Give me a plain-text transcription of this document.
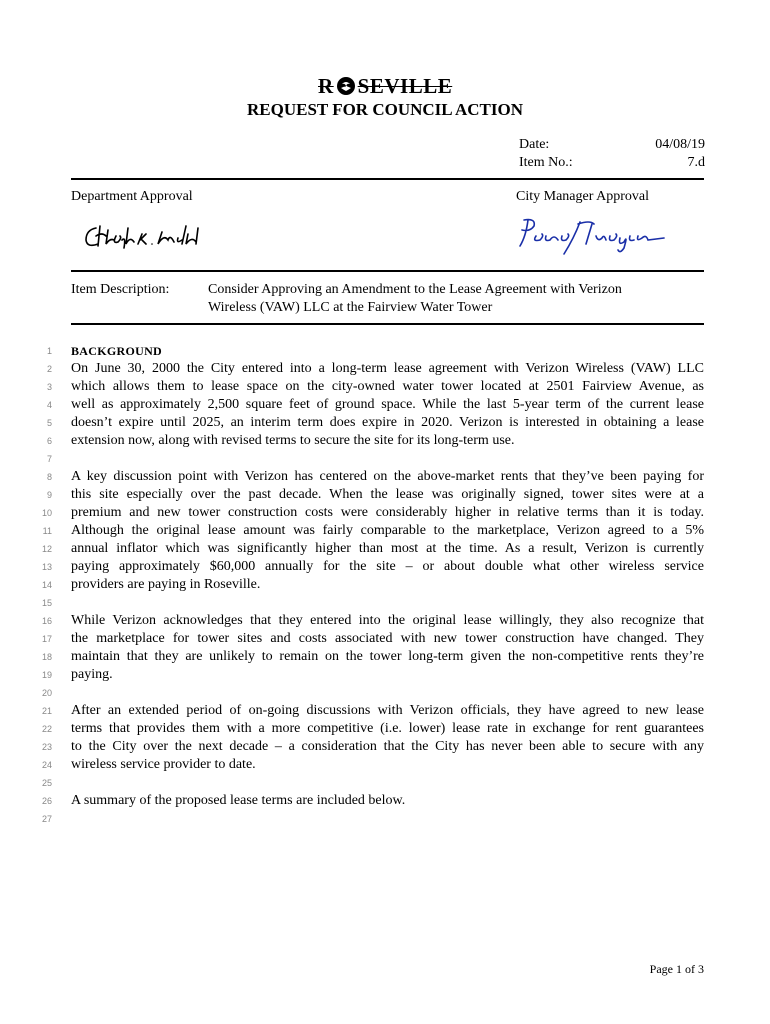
R SEVILLE
REQUEST FOR COUNCIL ACTION
Date:	04/08/19
Item No.:	7.d
Department Approval	City Manager Approval
Item Description:	Consider Approving an Amendment to the Lease Agreement with Verizon
Wireless (VAW) LLC at the Fairview Water Tower
1	BACKGROUND
2	On June 30, 2000 the City entered into a long-term lease agreement with Verizon Wireless (VAW) LLC
3	which allows them to lease space on the city-owned water tower located at 2501 Fairview Avenue, as
4	well as approximately 2,500 square feet of ground space. While the last 5-year term of the current lease
5	doesn’t expire until 2025, an interim term does expire in 2020. Verizon is interested in obtaining a lease
6	extension now, along with revised terms to secure the site for its long-term use.
7
8	A key discussion point with Verizon has centered on the above-market rents that they’ve been paying for
9	this site especially over the past decade. When the lease was originally signed, tower sites were at a
10	premium and new tower construction costs were considerably higher in relative terms than it is today.
11	Although the original lease amount was fairly comparable to the marketplace, Verizon agreed to a 5%
12	annual inflator which was significantly higher than most at the time. As a result, Verizon is currently
13	paying approximately $60,000 annually for the site – or about double what other wireless service
14	providers are paying in Roseville.
15
16	While Verizon acknowledges that they entered into the original lease willingly, they also recognize that
17	the marketplace for tower sites and costs associated with new tower construction have changed. They
18	maintain that they are unlikely to remain on the tower long-term given the non-competitive rents they’re
19	paying.
20
21	After an extended period of on-going discussions with Verizon officials, they have agreed to new lease
22	terms that provides them with a more competitive (i.e. lower) lease rate in exchange for rent guarantees
23	to the City over the next decade – a consideration that the City has never been able to secure with any
24	wireless service provider to date.
25
26	A summary of the proposed lease terms are included below.
27
Page 1 of 3
